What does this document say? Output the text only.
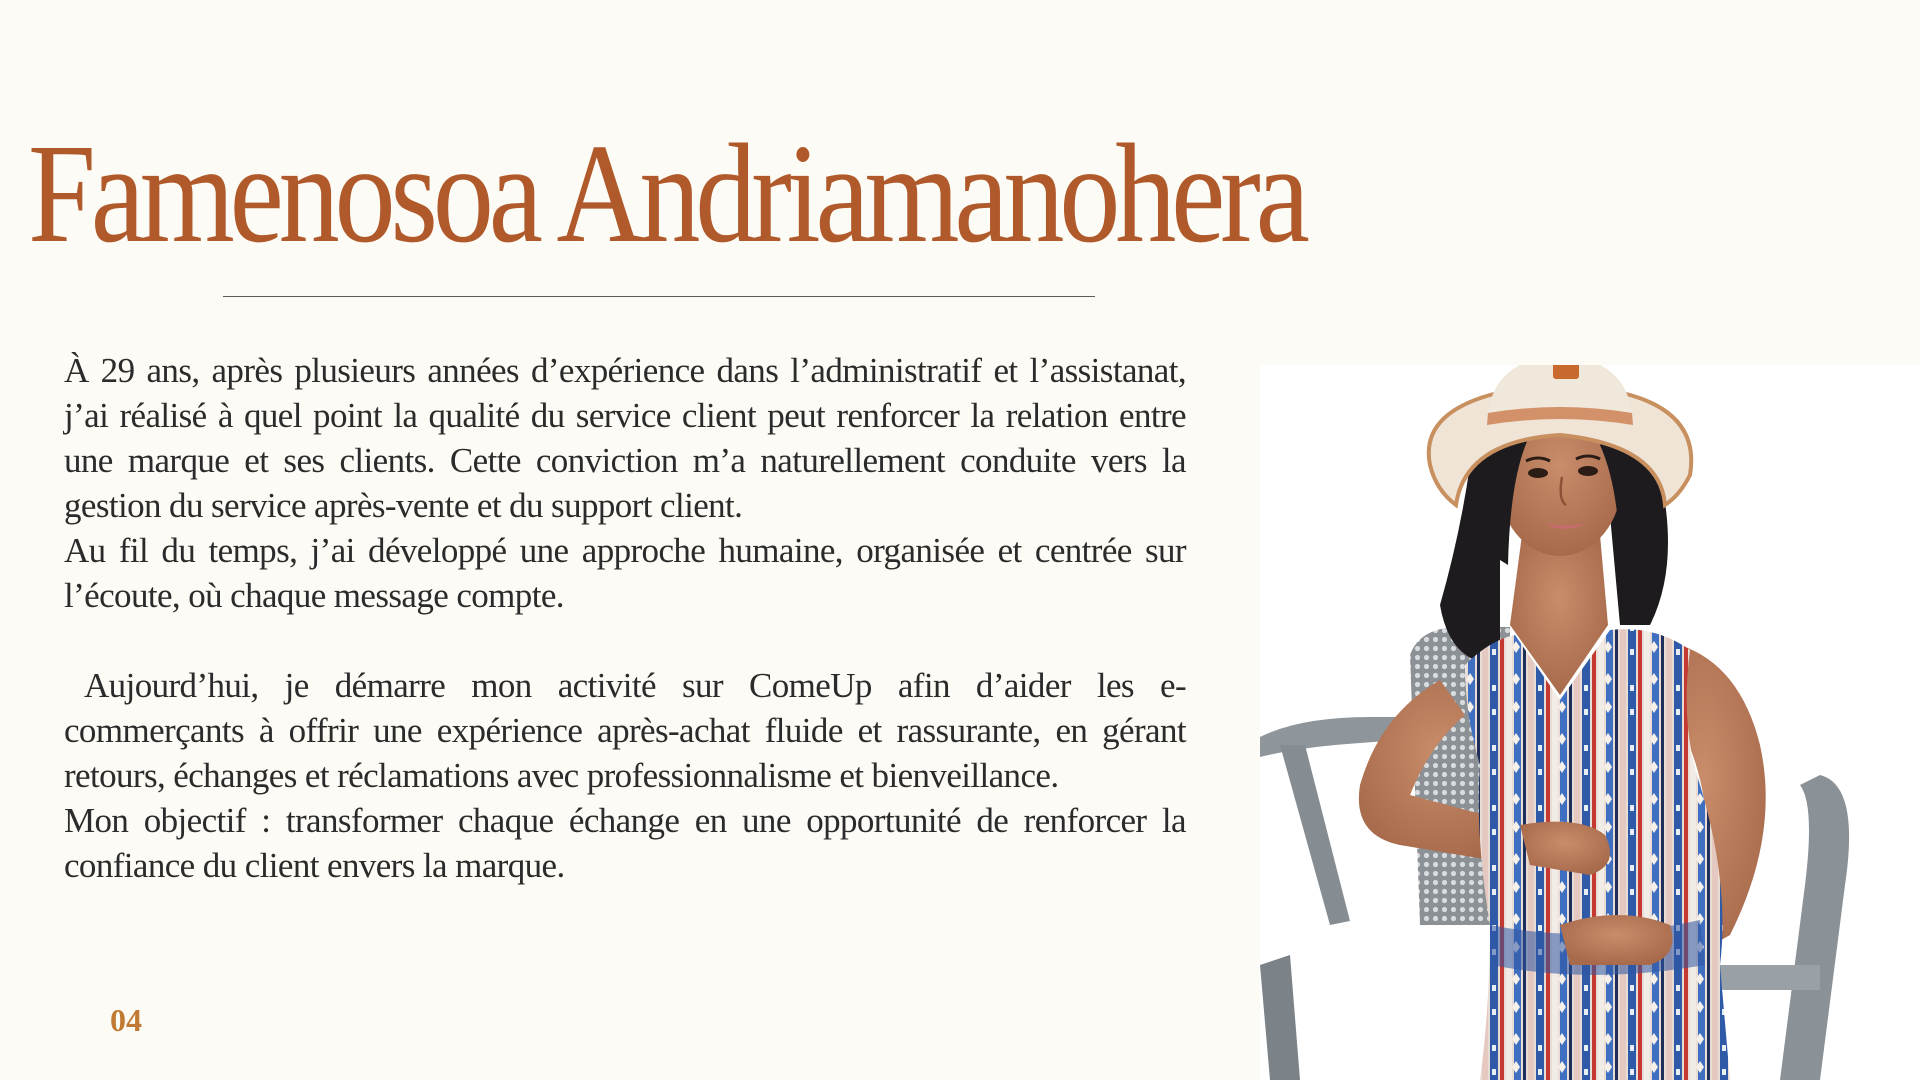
Famenosoa Andriamanohera

À 29 ans, après plusieurs années d’expérience dans l’administratif et l’assistanat, j’ai réalisé à quel point la qualité du service client peut renforcer la relation entre une marque et ses clients. Cette conviction m’a naturellement conduite vers la gestion du service après-vente et du support client.

Au fil du temps, j’ai développé une approche humaine, organisée et centrée sur l’écoute, où chaque message compte.

Aujourd’hui, je démarre mon activité sur ComeUp afin d’aider les e-commerçants à offrir une expérience après-achat fluide et rassurante, en gérant retours, échanges et réclamations avec professionnalisme et bienveillance.

Mon objectif : transformer chaque échange en une opportunité de renforcer la confiance du client envers la marque.

04
